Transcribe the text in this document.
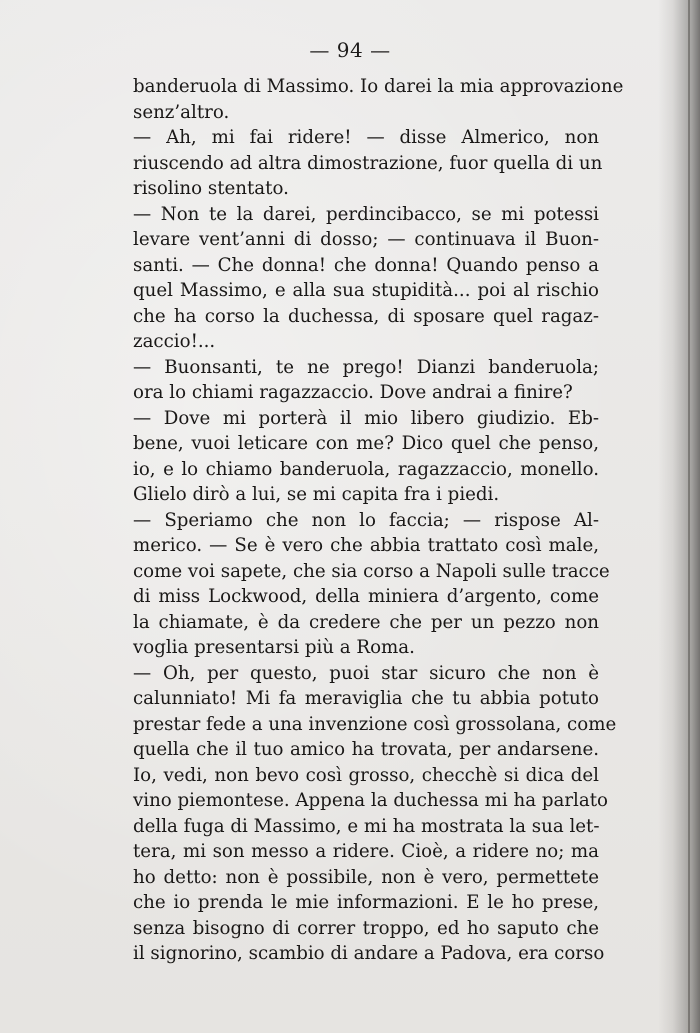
— 94 —
banderuola di Massimo. Io darei la mia approvazione
senz’altro.
— Ah, mi fai ridere! — disse Almerico, non
riuscendo ad altra dimostrazione, fuor quella di un
risolino stentato.
— Non te la darei, perdincibacco, se mi potessi
levare vent’anni di dosso; — continuava il Buon-
santi. — Che donna! che donna! Quando penso a
quel Massimo, e alla sua stupidità... poi al rischio
che ha corso la duchessa, di sposare quel ragaz-
zaccio!...
— Buonsanti, te ne prego! Dianzi banderuola;
ora lo chiami ragazzaccio. Dove andrai a finire?
— Dove mi porterà il mio libero giudizio. Eb-
bene, vuoi leticare con me? Dico quel che penso,
io, e lo chiamo banderuola, ragazzaccio, monello.
Glielo dirò a lui, se mi capita fra i piedi.
— Speriamo che non lo faccia; — rispose Al-
merico. — Se è vero che abbia trattato così male,
come voi sapete, che sia corso a Napoli sulle tracce
di miss Lockwood, della miniera d’argento, come
la chiamate, è da credere che per un pezzo non
voglia presentarsi più a Roma.
— Oh, per questo, puoi star sicuro che non è
calunniato! Mi fa meraviglia che tu abbia potuto
prestar fede a una invenzione così grossolana, come
quella che il tuo amico ha trovata, per andarsene.
Io, vedi, non bevo così grosso, checchè si dica del
vino piemontese. Appena la duchessa mi ha parlato
della fuga di Massimo, e mi ha mostrata la sua let-
tera, mi son messo a ridere. Cioè, a ridere no; ma
ho detto: non è possibile, non è vero, permettete
che io prenda le mie informazioni. E le ho prese,
senza bisogno di correr troppo, ed ho saputo che
il signorino, scambio di andare a Padova, era corso
